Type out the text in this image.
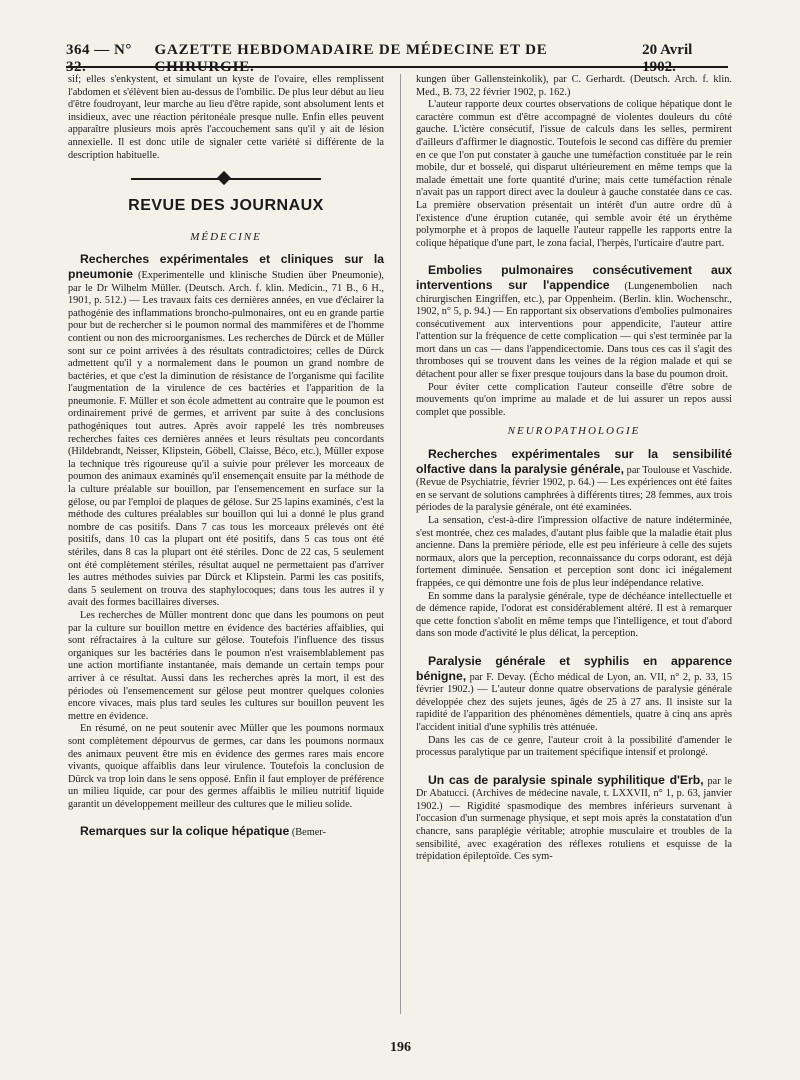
364 — N° 32.
GAZETTE HEBDOMADAIRE DE MÉDECINE ET DE CHIRURGIE.
20 Avril 1902.

sif; elles s'enkystent, et simulant un kyste de l'ovaire, elles remplissent l'abdomen et s'élèvent bien au-dessus de l'ombilic. De plus leur début au lieu d'être foudroyant, leur marche au lieu d'être rapide, sont absolument lents et insidieux, avec une réaction péritonéale presque nulle. Enfin elles peuvent apparaître plusieurs mois après l'accouchement sans qu'il y ait de lésion annexielle. Il est donc utile de signaler cette variété si différente de la description habituelle.

REVUE DES JOURNAUX
MÉDECINE

Recherches expérimentales et cliniques sur la pneumonie (Experimentelle und klinische Studien über Pneumonie), par le Dr Wilhelm Müller. (Deutsch. Arch. f. klin. Medicin., 71 B., 6 H., 1901, p. 512.) — Les travaux faits ces dernières années, en vue d'éclairer la pathogénie des inflammations broncho-pulmonaires, ont eu en grande partie pour but de rechercher si le poumon normal des mammifères et de l'homme contient ou non des microorganismes. Les recherches de Dürck et de Müller sont sur ce point arrivées à des résultats contradictoires; celles de Dürck admettent qu'il y a normalement dans le poumon un grand nombre de bactéries, et que c'est la diminution de résistance de l'organisme qui facilite l'augmentation de la virulence de ces bactéries et l'apparition de la pneumonie. F. Müller et son école admettent au contraire que le poumon est ordinairement privé de germes, et arrivent par suite à des conclusions pathogéniques tout autres. Après avoir rappelé les très nombreuses recherches faites ces dernières années et leurs résultats peu concordants (Hildebrandt, Neisser, Klipstein, Göbell, Claisse, Béco, etc.), Müller expose la technique très rigoureuse qu'il a suivie pour prélever les morceaux de poumon des animaux examinés qu'il ensemençait ensuite par la méthode de la culture préalable sur bouillon, par l'ensemencement en surface sur la gélose, ou par l'emploi de plaques de gélose. Sur 25 lapins examinés, c'est la méthode des cultures préalables sur bouillon qui lui a donné le plus grand nombre de cas positifs. Dans 7 cas tous les morceaux prélevés ont été positifs, dans 10 cas la plupart ont été positifs, dans 5 cas tous ont été stériles, dans 8 cas la plupart ont été stériles. Donc de 22 cas, 5 seulement ont été complètement stériles, résultat auquel ne permettaient pas d'arriver les autres méthodes suivies par Dürck et Klipstein. Parmi les cas positifs, dans 5 seulement on trouva des staphylocoques; dans tous les autres il y avait des formes bacillaires diverses.

Les recherches de Müller montrent donc que dans les poumons on peut par la culture sur bouillon mettre en évidence des bactéries affaiblies, qui sont réfractaires à la culture sur gélose. Toutefois l'influence des tissus organiques sur les bactéries dans le poumon n'est vraisemblablement pas une action mortifiante instantanée, mais demande un certain temps pour arriver à ce résultat. Aussi dans les recherches après la mort, il est des périodes où l'ensemencement sur gélose peut montrer quelques colonies encore vivaces, mais plus tard seules les cultures sur bouillon peuvent les mettre en évidence.

En résumé, on ne peut soutenir avec Müller que les poumons normaux sont complètement dépourvus de germes, car dans les poumons normaux des animaux peuvent être mis en évidence des germes rares mais encore vivants, quoique affaiblis dans leur virulence. Toutefois la conclusion de Dürck va trop loin dans le sens opposé. Enfin il faut employer de préférence un milieu liquide, car pour des germes affaiblis le milieu nutritif liquide garantit un développement meilleur des cultures que le milieu solide.

Remarques sur la colique hépatique (Bemer-

kungen über Gallensteinkolik), par C. Gerhardt. (Deutsch. Arch. f. klin. Med., B. 73, 22 février 1902, p. 162.)

L'auteur rapporte deux courtes observations de colique hépatique dont le caractère commun est d'être accompagné de violentes douleurs du côté gauche. L'ictère consécutif, l'issue de calculs dans les selles, permirent d'ailleurs d'affirmer le diagnostic. Toutefois le second cas diffère du premier en ce que l'on put constater à gauche une tuméfaction constituée par le rein mobile, dur et bosselé, qui disparut ultérieurement en même temps que la malade émettait une forte quantité d'urine; mais cette tuméfaction rénale n'avait pas un rapport direct avec la douleur à gauche constatée dans ce cas. La première observation présentait un intérêt d'un autre ordre dû à l'existence d'une éruption cutanée, qui semble avoir été un érythème polymorphe et à propos de laquelle l'auteur rappelle les rapports entre la colique hépatique d'une part, le zona facial, l'herpès, l'urticaire d'autre part.

Embolies pulmonaires consécutivement aux interventions sur l'appendice (Lungenembolien nach chirurgischen Eingriffen, etc.), par Oppenheim. (Berlin. klin. Wochenschr., 1902, n° 5, p. 94.) — En rapportant six observations d'embolies pulmonaires consécutivement aux interventions pour appendicite, l'auteur attire l'attention sur la fréquence de cette complication — qui s'est terminée par la mort dans un cas — dans l'appendicectomie. Dans tous ces cas il s'agit des thromboses qui se trouvent dans les veines de la région malade et qui se détachent pour aller se fixer presque toujours dans la base du poumon droit.

Pour éviter cette complication l'auteur conseille d'être sobre de mouvements qu'on imprime au malade et de lui assurer un repos aussi complet que possible.

NEUROPATHOLOGIE

Recherches expérimentales sur la sensibilité olfactive dans la paralysie générale, par Toulouse et Vaschide. (Revue de Psychiatrie, février 1902, p. 64.) — Les expériences ont été faites en se servant de solutions camphrées à différents titres; 28 femmes, aux trois périodes de la paralysie générale, ont été examinées.

La sensation, c'est-à-dire l'impression olfactive de nature indéterminée, s'est montrée, chez ces malades, d'autant plus faible que la maladie était plus ancienne. Dans la première période, elle est peu inférieure à celle des sujets normaux, alors que la perception, reconnaissance du corps odorant, est déjà fortement diminuée. Sensation et perception sont donc ici inégalement frappées, ce qui démontre une fois de plus leur indépendance relative.

En somme dans la paralysie générale, type de déchéance intellectuelle et de démence rapide, l'odorat est considérablement altéré. Il est à remarquer que cette fonction s'abolit en même temps que l'intelligence, et tout d'abord dans son mode d'activité le plus délicat, la perception.

Paralysie générale et syphilis en apparence bénigne, par F. Devay. (Écho médical de Lyon, an. VII, n° 2, p. 33, 15 février 1902.) — L'auteur donne quatre observations de paralysie générale développée chez des sujets jeunes, âgés de 25 à 27 ans. Il insiste sur la rapidité de l'apparition des phénomènes démentiels, quatre à cinq ans après l'accident initial d'une syphilis très atténuée.

Dans les cas de ce genre, l'auteur croit à la possibilité d'amender le processus paralytique par un traitement spécifique intensif et prolongé.

Un cas de paralysie spinale syphilitique d'Erb, par le Dr Abatucci. (Archives de médecine navale, t. LXXVII, n° 1, p. 63, janvier 1902.) — Rigidité spasmodique des membres inférieurs survenant à l'occasion d'un surmenage physique, et sept mois après la constatation d'un chancre, sans paraplégie véritable; atrophie musculaire et troubles de la sensibilité, avec exagération des réflexes rotuliens et esquisse de la trépidation épileptoïde. Ces sym-

196
